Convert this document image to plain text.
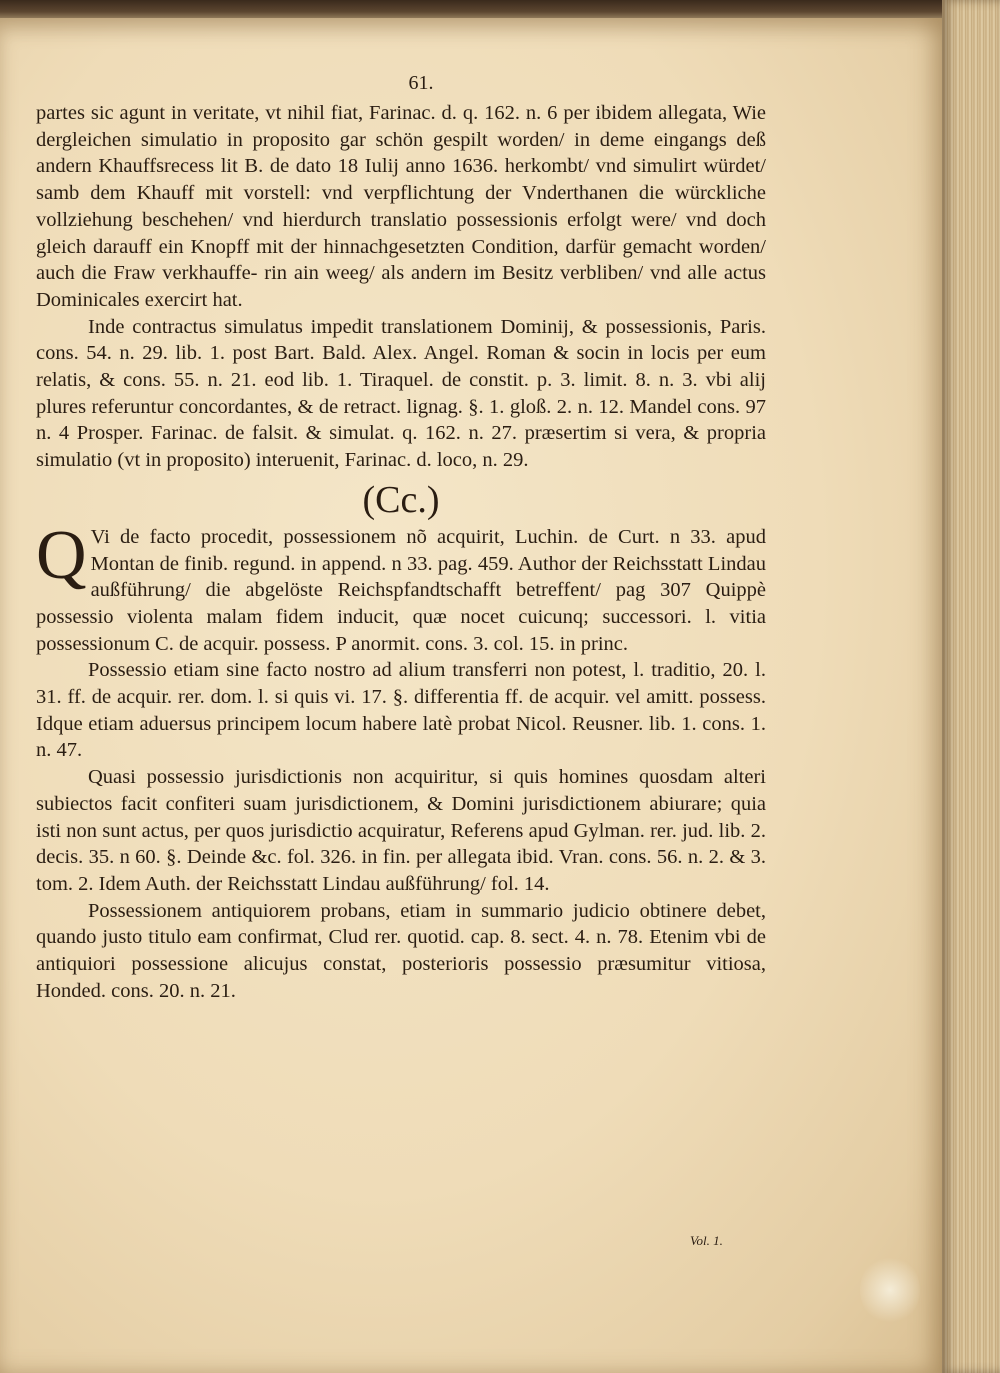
61.

partes sic agunt in veritate, vt nihil fiat, Farinac. d. q. 162. n. 6 per ibidem allegata, Wie dergleichen simulatio in proposito gar schön gespilt worden/ in deme eingangs deß andern Khauffsrecess lit B. de dato 18 Iulij anno 1636. herkombt/ vnd simulirt würdet/ samb dem Khauff mit vorstell: vnd verpflichtung der Vnderthanen die würckliche vollziehung beschehen/ vnd hierdurch translatio possessionis erfolgt were/ vnd doch gleich darauff ein Knopff mit der hinnachgesetzten Condition, darfür gemacht worden/ auch die Fraw verkhauffe- rin ain weeg/ als andern im Besitz verbliben/ vnd alle actus Dominicales exercirt hat.

Inde contractus simulatus impedit translationem Dominij, & possessionis, Paris. cons. 54. n. 29. lib. 1. post Bart. Bald. Alex. Angel. Roman & socin in locis per eum relatis, & cons. 55. n. 21. eod lib. 1. Tiraquel. de constit. p. 3. limit. 8. n. 3. vbi alij plures referuntur concordantes, & de retract. lignag. §. 1. gloß. 2. n. 12. Mandel cons. 97 n. 4 Prosper. Farinac. de falsit. & simulat. q. 162. n. 27. præsertim si vera, & propria simulatio (vt in proposito) interuenit, Farinac. d. loco, n. 29.

(Cc.)
Q Vi de facto procedit, possessionem nõ acquirit, Luchin. de Curt. n 33. apud Montan de finib. regund. in append. n 33. pag. 459. Author der Reichsstatt Lindau außführung/ die abgelöste Reichspfandtschafft betreffent/ pag 307 Quippè possessio violenta malam fidem inducit, quæ nocet cuicunq; successori. l. vitia possessionum C. de acquir. possess. P anormit. cons. 3. col. 15. in princ.

Possessio etiam sine facto nostro ad alium transferri non potest, l. traditio, 20. l. 31. ff. de acquir. rer. dom. l. si quis vi. 17. §. differentia ff. de acquir. vel amitt. possess. Idque etiam aduersus principem locum habere latè probat Nicol. Reusner. lib. 1. cons. 1. n. 47.

Quasi possessio jurisdictionis non acquiritur, si quis homines quosdam alteri subiectos facit confiteri suam jurisdictionem, & Domini jurisdictionem abiurare; quia isti non sunt actus, per quos jurisdictio acquiratur, Referens apud Gylman. rer. jud. lib. 2. decis. 35. n 60. §. Deinde &c. fol. 326. in fin. per allegata ibid. Vran. cons. 56. n. 2. & 3. tom. 2. Idem Auth. der Reichsstatt Lindau außführung/ fol. 14.

Possessionem antiquiorem probans, etiam in summario judicio obtinere debet, quando justo titulo eam confirmat, Clud rer. quotid. cap. 8. sect. 4. n. 78. Etenim vbi de antiquiori possessione alicujus constat, posterioris possessio præsumitur vitiosa, Honded. cons. 20. n. 21.

Vol. 1.
